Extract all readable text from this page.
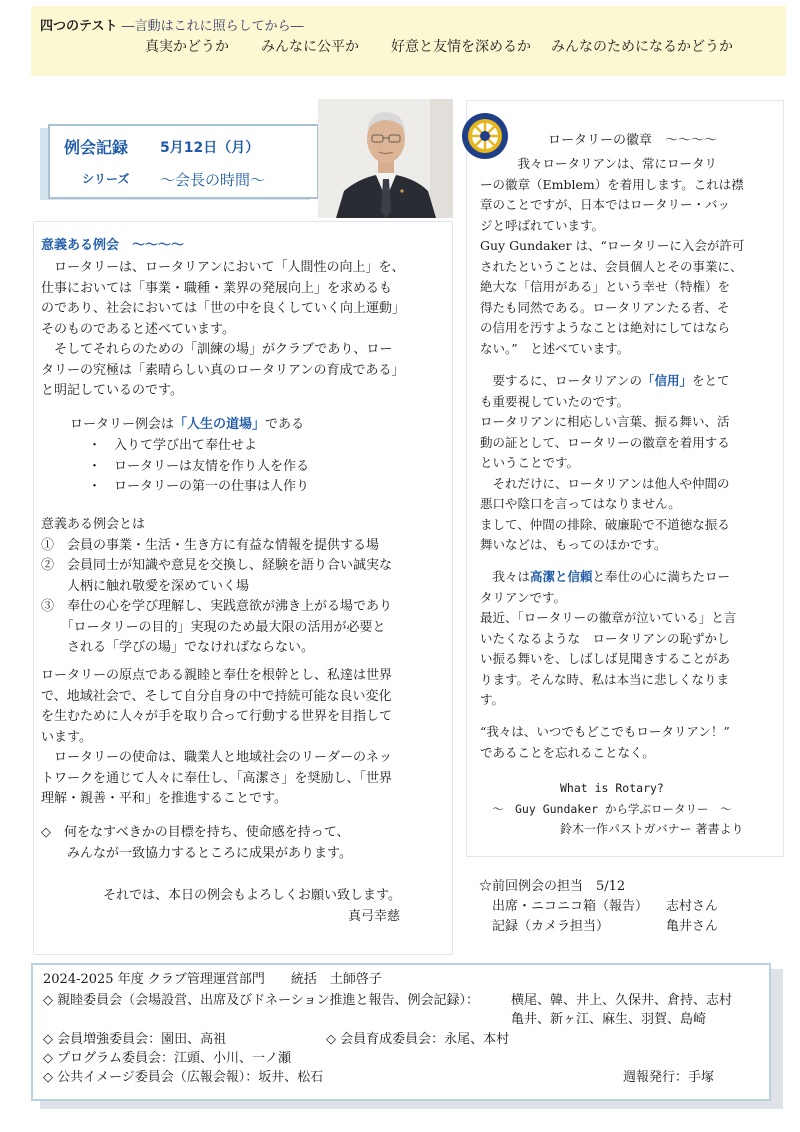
四つのテスト ―言動はこれに照らしてから―
真実かどうか みんなに公平か 好意と友情を深めるか みんなのためになるかどうか
例会記録 5月12日（月）
シリーズ ～会長の時間～
意義ある例会　～～～～
　ロータリーは、ロータリアンにおいて「人間性の向上」を、
仕事においては「事業・職種・業界の発展向上」を求めるも
のであり、社会においては「世の中を良くしていく向上運動」
そのものであると述べています。
　そしてそれらのための「訓練の場」がクラブであり、ロー
タリーの究極は「素晴らしい真のロータリアンの育成である」
と明記しているのです。
ロータリー例会は「人生の道場」である
・　入りて学び出て奉仕せよ
・　ロータリーは友情を作り人を作る
・　ロータリーの第一の仕事は人作り
意義ある例会とは
①　会員の事業・生活・生き方に有益な情報を提供する場
②　会員同士が知識や意見を交換し、経験を語り合い誠実な
　　人柄に触れ敬愛を深めていく場
③　奉仕の心を学び理解し、実践意欲が沸き上がる場であり
　　「ロータリーの目的」実現のため最大限の活用が必要と
　　される「学びの場」でなければならない。
ロータリーの原点である親睦と奉仕を根幹とし、私達は世界
で、地域社会で、そして自分自身の中で持続可能な良い変化
を生むために人々が手を取り合って行動する世界を目指して
います。
　ロータリーの使命は、職業人と地域社会のリーダーのネッ
トワークを通じて人々に奉仕し、「高潔さ」を奨励し、「世界
理解・親善・平和」を推進することです。
◇　何をなすべきかの目標を持ち、使命感を持って、
　　みんなが一致協力するところに成果があります。
それでは、本日の例会もよろしくお願い致します。
真弓幸慈
ロータリーの徽章　～～～～
　　　我々ロータリアンは、常にロータリ
ーの徽章（Emblem）を着用します。これは襟
章のことですが、日本ではロータリー・バッ
ジと呼ばれています。
Guy Gundaker は、“ロータリーに入会が許可
されたということは、会員個人とその事業に、
絶大な「信用がある」という幸せ（特権）を
得たも同然である。ロータリアンたる者、そ
の信用を汚すようなことは絶対にしてはなら
ない。”　と述べています。
　要するに、ロータリアンの「信用」をとて
も重要視していたのです。
ロータリアンに相応しい言葉、振る舞い、活
動の証として、ロータリーの徽章を着用する
ということです。
　それだけに、ロータリアンは他人や仲間の
悪口や陰口を言ってはなりません。
まして、仲間の排除、破廉恥で不道徳な振る
舞いなどは、もってのほかです。
　我々は高潔と信頼と奉仕の心に満ちたロー
タリアンです。
最近、「ロータリーの徽章が泣いている」と言
いたくなるような　ロータリアンの恥ずかし
い振る舞いを、しばしば見聞きすることがあ
ります。そんな時、私は本当に悲しくなりま
す。
“我々は、いつでもどこでもロータリアン！”
であることを忘れることなく。
What is Rotary?
～　Guy Gundaker から学ぶロータリー　～
鈴木一作パストガバナー 著書より
☆前回例会の担当　5/12
出席・ニコニコ箱（報告） 志村さん
記録（カメラ担当）	亀井さん
2024-2025 年度 クラブ管理運営部門　　統括　土師啓子
◇ 親睦委員会（会場設営、出席及びドネーション推進と報告、例会記録）： 横尾、韓、井上、久保井、倉持、志村
亀井、新ヶ江、麻生、羽賀、島崎
◇ 会員増強委員会：園田、高祖	◇ 会員育成委員会：永尾、本村
◇ プログラム委員会：江頭、小川、一ノ瀬
◇ 公共イメージ委員会（広報会報）：坂井、松石	週報発行：手塚
